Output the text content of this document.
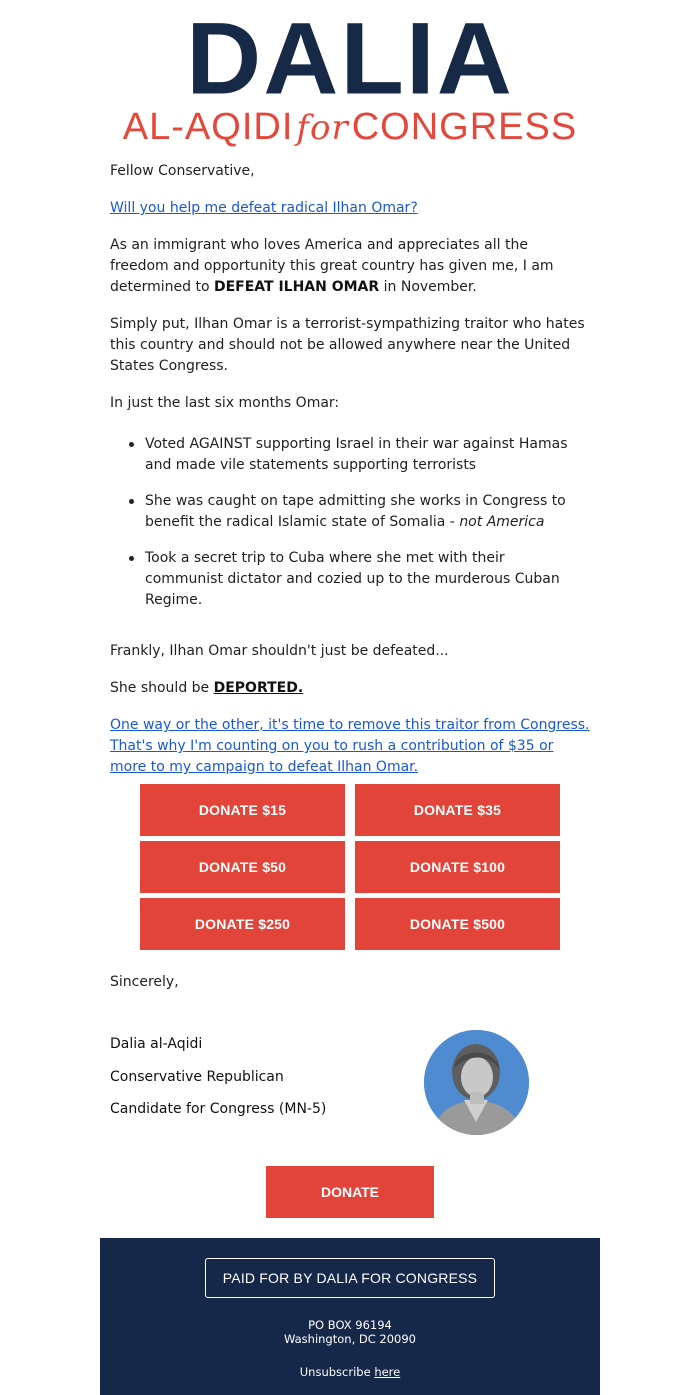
DALIA
AL-AQIDIforCONGRESS
Fellow Conservative,
Will you help me defeat radical Ilhan Omar?
As an immigrant who loves America and appreciates all the freedom and opportunity this great country has given me, I am determined to DEFEAT ILHAN OMAR in November.
Simply put, Ilhan Omar is a terrorist-sympathizing traitor who hates this country and should not be allowed anywhere near the United States Congress.
In just the last six months Omar:
Voted AGAINST supporting Israel in their war against Hamas and made vile statements supporting terrorists
She was caught on tape admitting she works in Congress to benefit the radical Islamic state of Somalia - not America
Took a secret trip to Cuba where she met with their communist dictator and cozied up to the murderous Cuban Regime.
Frankly, Ilhan Omar shouldn't just be defeated...
She should be DEPORTED.
One way or the other, it's time to remove this traitor from Congress. That's why I'm counting on you to rush a contribution of $35 or more to my campaign to defeat Ilhan Omar.
DONATE $15	DONATE $35
DONATE $50	DONATE $100
DONATE $250	DONATE $500
Sincerely,
Dalia al-Aqidi
Conservative Republican
Candidate for Congress (MN-5)
DONATE
PAID FOR BY DALIA FOR CONGRESS
PO BOX 96194
Washington, DC 20090
Unsubscribe here
